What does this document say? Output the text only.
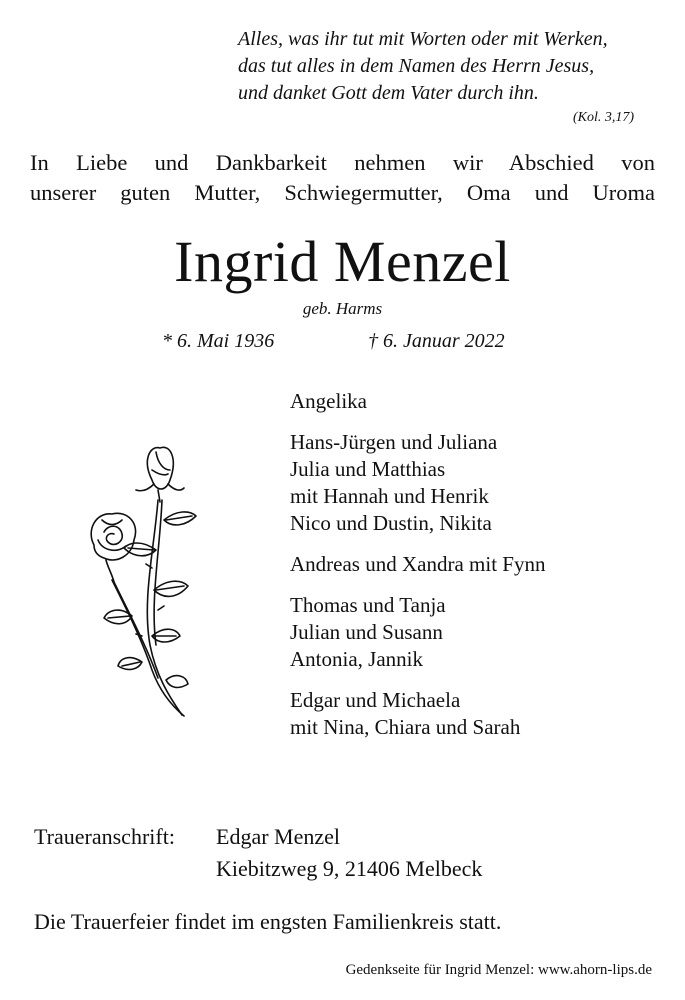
Alles, was ihr tut mit Worten oder mit Werken,
das tut alles in dem Namen des Herrn Jesus,
und danket Gott dem Vater durch ihn.
(Kol. 3,17)
In Liebe und Dankbarkeit nehmen wir Abschied von
unserer guten Mutter, Schwiegermutter, Oma und Uroma
Ingrid Menzel
geb. Harms
* 6. Mai 1936	† 6. Januar 2022
Angelika
Hans-Jürgen und Juliana
Julia und Matthias
mit Hannah und Henrik
Nico und Dustin, Nikita
Andreas und Xandra mit Fynn
Thomas und Tanja
Julian und Susann
Antonia, Jannik
Edgar und Michaela
mit Nina, Chiara und Sarah
Traueranschrift: Edgar Menzel
Kiebitzweg 9, 21406 Melbeck
Die Trauerfeier findet im engsten Familienkreis statt.
Gedenkseite für Ingrid Menzel: www.ahorn-lips.de
